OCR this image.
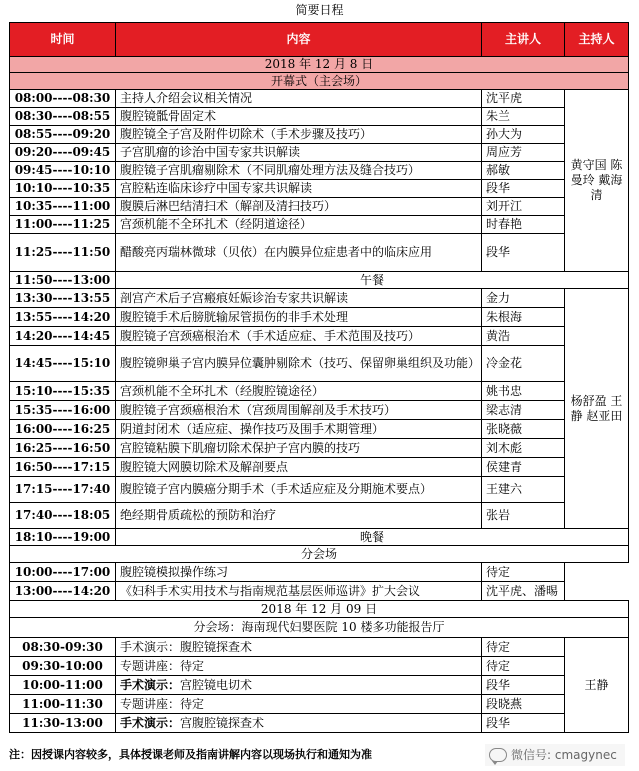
简要日程
时间	内容	主讲人	主持人
2018 年 12 月 8 日			
开幕式（主会场）			
08:00----08:30	主持人介绍会议相关情况	沈平虎	黄守国 陈曼玲 戴海清
08:30----08:55	腹腔镜骶骨固定术	朱兰	
08:55----09:20	腹腔镜全子宫及附件切除术（手术步骤及技巧）	孙大为	
09:20----09:45	子宫肌瘤的诊治中国专家共识解读	周应芳	
09:45----10:10	腹腔镜子宫肌瘤剔除术（不同肌瘤处理方法及缝合技巧）	郝敏	
10:10----10:35	宫腔粘连临床诊疗中国专家共识解读	段华	
10:35----11:00	腹膜后淋巴结清扫术（解剖及清扫技巧）	刘开江	
11:00----11:25	宫颈机能不全环扎术（经阴道途径）	时春艳	
11:25----11:50	醋酸亮丙瑞林微球（贝依）在内膜异位症患者中的临床应用	段华	
11:50----13:00	午餐		
13:30----13:55	剖宫产术后子宫瘢痕妊娠诊治专家共识解读	金力	杨舒盈 王静 赵亚田
13:55----14:20	腹腔镜手术后膀胱输尿管损伤的非手术处理	朱根海	
14:20----14:45	腹腔镜子宫颈癌根治术（手术适应症、手术范围及技巧）	黄浩	
14:45----15:10	腹腔镜卵巢子宫内膜异位囊肿剔除术（技巧、保留卵巢组织及功能）	冷金花	
15:10----15:35	宫颈机能不全环扎术（经腹腔镜途径）	姚书忠	
15:35----16:00	腹腔镜子宫颈癌根治术（宫颈周围解剖及手术技巧）	梁志清	
16:00----16:25	阴道封闭术（适应症、操作技巧及围手术期管理）	张晓薇	
16:25----16:50	宫腔镜粘膜下肌瘤切除术保护子宫内膜的技巧	刘木彪	
16:50----17:15	腹腔镜大网膜切除术及解剖要点	侯建青	
17:15----17:40	腹腔镜子宫内膜癌分期手术（手术适应症及分期施术要点）	王建六	
17:40----18:05	绝经期骨质疏松的预防和治疗	张岩	
18:10----19:00	晚餐		
分会场			
10:00----17:00	腹腔镜模拟操作练习	待定	
13:00----14:20	《妇科手术实用技术与指南规范基层医师巡讲》扩大会议	沈平虎、潘晹	
2018 年 12 月 09 日			
分会场：海南现代妇婴医院 10 楼多功能报告厅			
08:30-09:30	手术演示：腹腔镜探查术	待定	王静
09:30-10:00	专题讲座：待定	待定	
10:00-11:00	手术演示：宫腔镜电切术	段华	
11:00-11:30	专题讲座：待定	段晓燕	
11:30-13:00	手术演示：宫腹腔镜探查术	段华	
注：因授课内容较多，具体授课老师及指南讲解内容以现场执行和通知为准	微信号: cmagynec
